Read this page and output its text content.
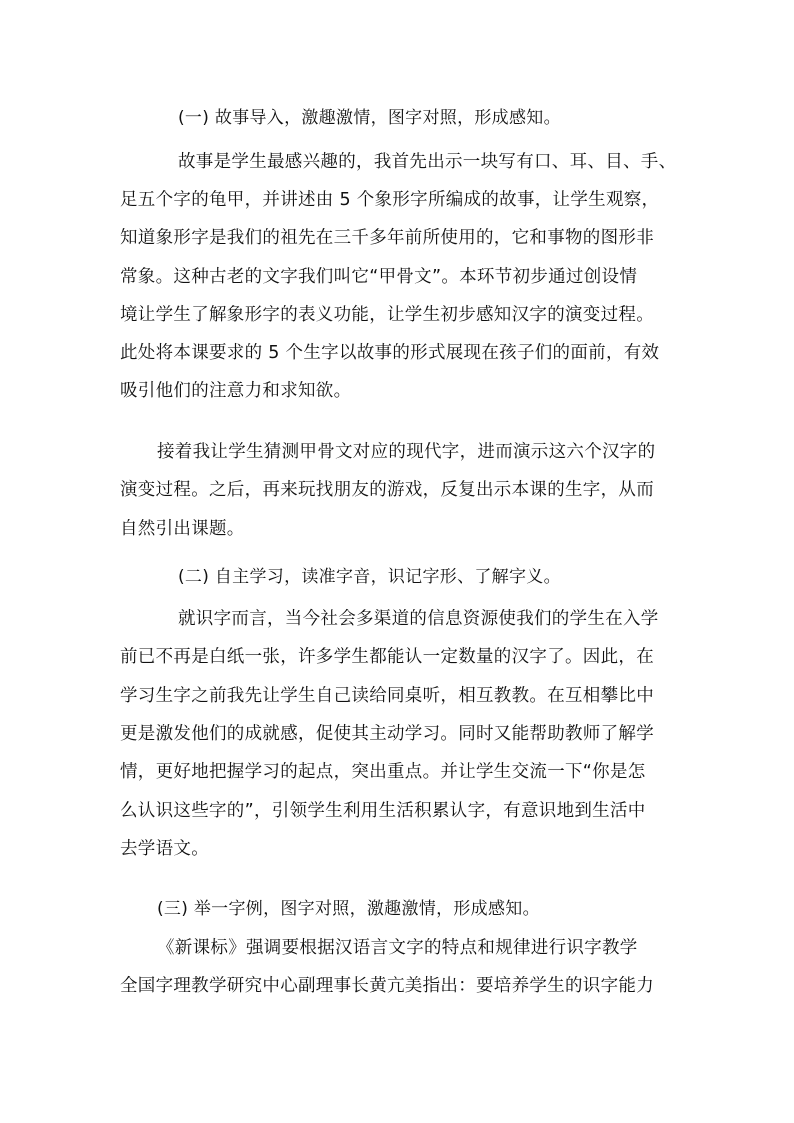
(一) 故事导入，激趣激情，图字对照，形成感知。
故事是学生最感兴趣的，我首先出示一块写有口、耳、目、手、
足五个字的龟甲，并讲述由 5 个象形字所编成的故事，让学生观察，
知道象形字是我们的祖先在三千多年前所使用的，它和事物的图形非
常象。这种古老的文字我们叫它“甲骨文”。本环节初步通过创设情
境让学生了解象形字的表义功能，让学生初步感知汉字的演变过程。
此处将本课要求的 5 个生字以故事的形式展现在孩子们的面前，有效
吸引他们的注意力和求知欲。
接着我让学生猜测甲骨文对应的现代字，进而演示这六个汉字的
演变过程。之后，再来玩找朋友的游戏，反复出示本课的生字，从而
自然引出课题。
(二) 自主学习，读准字音，识记字形、了解字义。
就识字而言，当今社会多渠道的信息资源使我们的学生在入学
前已不再是白纸一张，许多学生都能认一定数量的汉字了。因此，在
学习生字之前我先让学生自己读给同桌听，相互教教。在互相攀比中
更是激发他们的成就感，促使其主动学习。同时又能帮助教师了解学
情，更好地把握学习的起点，突出重点。并让学生交流一下“你是怎
么认识这些字的”，引领学生利用生活积累认字，有意识地到生活中
去学语文。
(三) 举一字例，图字对照，激趣激情，形成感知。
《新课标》强调要根据汉语言文字的特点和规律进行识字教学
全国字理教学研究中心副理事长黄亢美指出：要培养学生的识字能力
